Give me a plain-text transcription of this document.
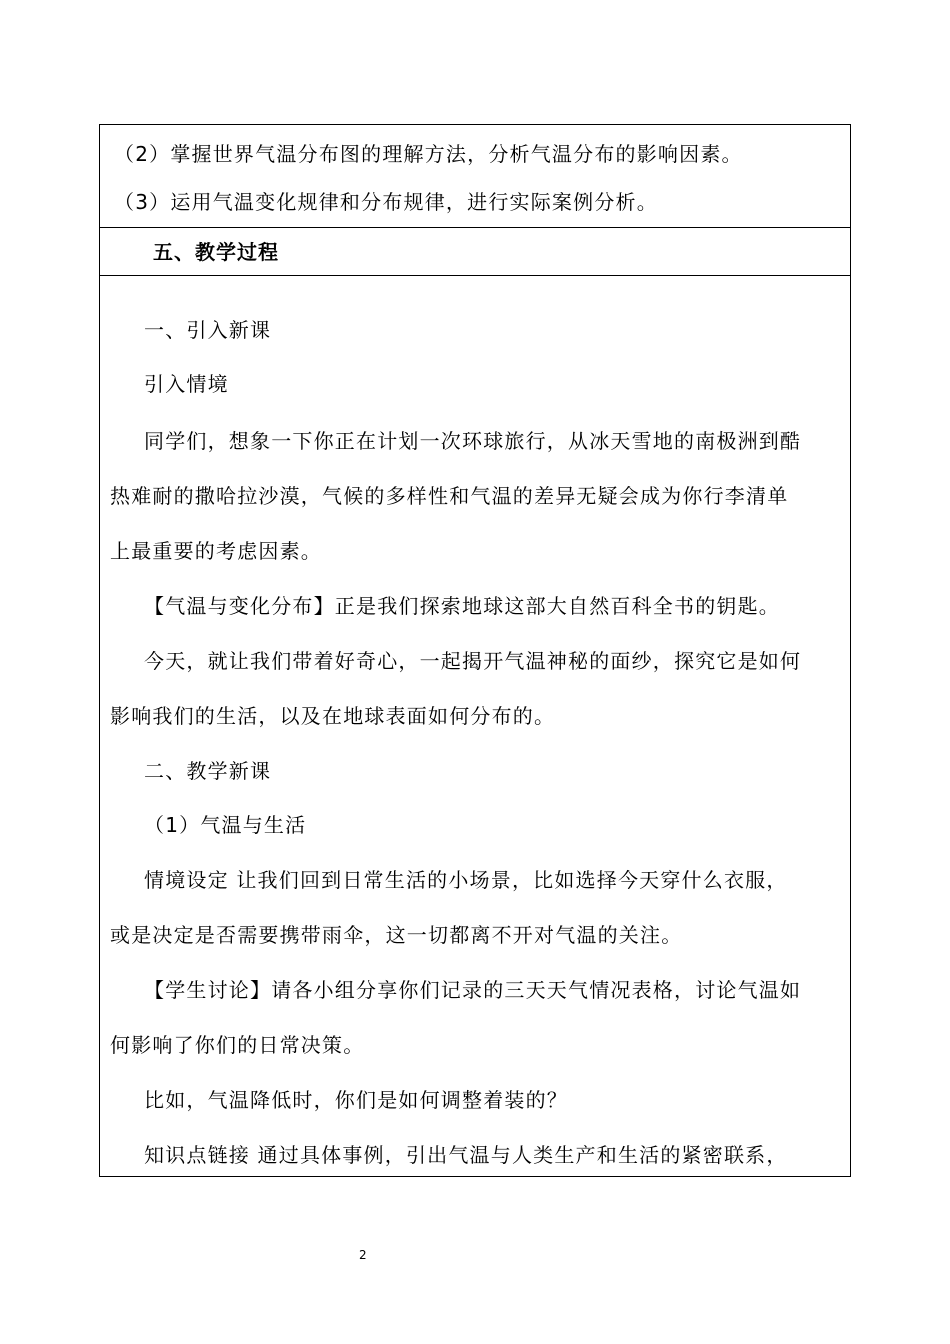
（2）掌握世界气温分布图的理解方法，分析气温分布的影响因素。
（3）运用气温变化规律和分布规律，进行实际案例分析。
五、教学过程
一、引入新课
引入情境
同学们，想象一下你正在计划一次环球旅行，从冰天雪地的南极洲到酷
热难耐的撒哈拉沙漠，气候的多样性和气温的差异无疑会成为你行李清单
上最重要的考虑因素。
【气温与变化分布】正是我们探索地球这部大自然百科全书的钥匙。
今天，就让我们带着好奇心，一起揭开气温神秘的面纱，探究它是如何
影响我们的生活，以及在地球表面如何分布的。
二、教学新课
（1）气温与生活
情境设定 让我们回到日常生活的小场景，比如选择今天穿什么衣服，
或是决定是否需要携带雨伞，这一切都离不开对气温的关注。
【学生讨论】请各小组分享你们记录的三天天气情况表格，讨论气温如
何影响了你们的日常决策。
比如，气温降低时，你们是如何调整着装的？
知识点链接 通过具体事例，引出气温与人类生产和生活的紧密联系，
2
